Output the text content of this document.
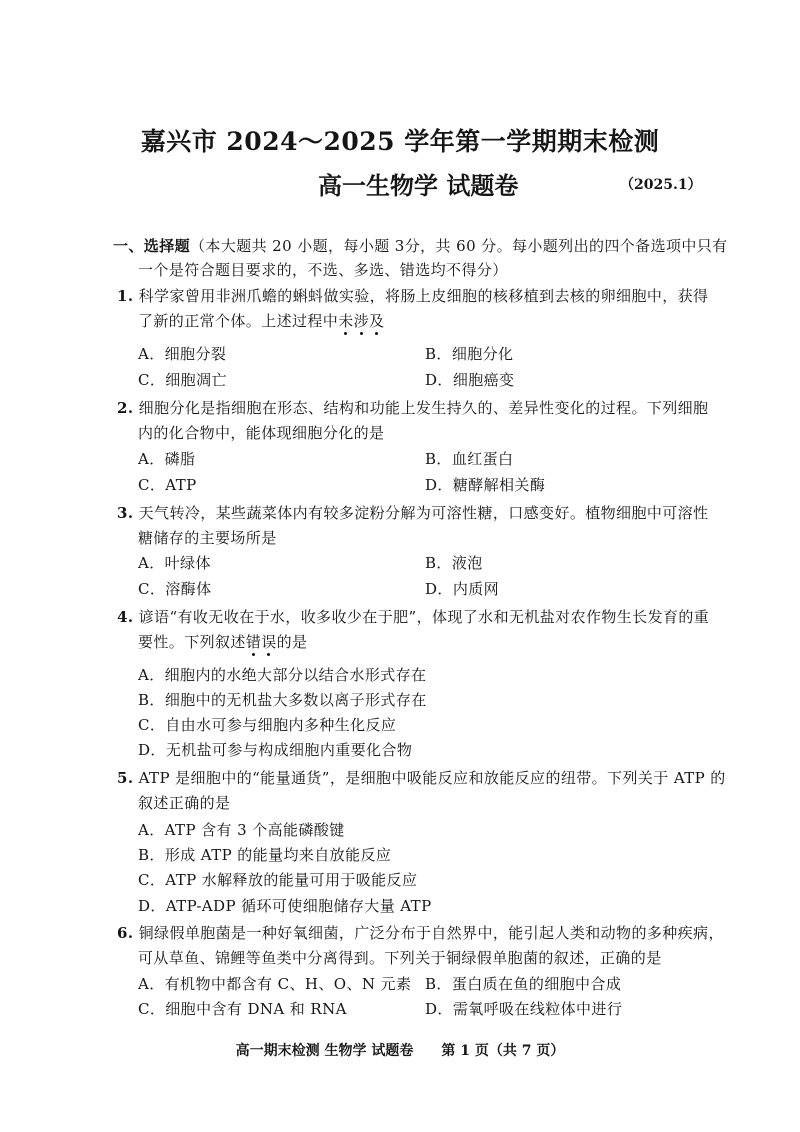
嘉兴市 2024～2025 学年第一学期期末检测
高一生物学 试题卷	（2025.1）
一、选择题（本大题共 20 小题，每小题 3分，共 60 分。每小题列出的四个备选项中只有
一个是符合题目要求的，不选、多选、错选均不得分）
1. 科学家曾用非洲爪蟾的蝌蚪做实验，将肠上皮细胞的核移植到去核的卵细胞中，获得
了新的正常个体。上述过程中未涉及
A．细胞分裂	B．细胞分化
C．细胞凋亡	D．细胞癌变
2. 细胞分化是指细胞在形态、结构和功能上发生持久的、差异性变化的过程。下列细胞
内的化合物中，能体现细胞分化的是
A．磷脂	B．血红蛋白
C．ATP	D．糖酵解相关酶
3. 天气转冷，某些蔬菜体内有较多淀粉分解为可溶性糖，口感变好。植物细胞中可溶性
糖储存的主要场所是
A．叶绿体	B．液泡
C．溶酶体	D．内质网
4. 谚语“有收无收在于水，收多收少在于肥”，体现了水和无机盐对农作物生长发育的重
要性。下列叙述错误的是
A．细胞内的水绝大部分以结合水形式存在
B．细胞中的无机盐大多数以离子形式存在
C．自由水可参与细胞内多种生化反应
D．无机盐可参与构成细胞内重要化合物
5. ATP 是细胞中的“能量通货”，是细胞中吸能反应和放能反应的纽带。下列关于 ATP 的
叙述正确的是
A．ATP 含有 3 个高能磷酸键
B．形成 ATP 的能量均来自放能反应
C．ATP 水解释放的能量可用于吸能反应
D．ATP-ADP 循环可使细胞储存大量 ATP
6. 铜绿假单胞菌是一种好氧细菌，广泛分布于自然界中，能引起人类和动物的多种疾病，
可从草鱼、锦鲤等鱼类中分离得到。下列关于铜绿假单胞菌的叙述，正确的是
A．有机物中都含有 C、H、O、N 元素 B．蛋白质在鱼的细胞中合成
C．细胞中含有 DNA 和 RNA	D．需氧呼吸在线粒体中进行
高一期末检测 生物学 试题卷　　第 1 页（共 7 页）
